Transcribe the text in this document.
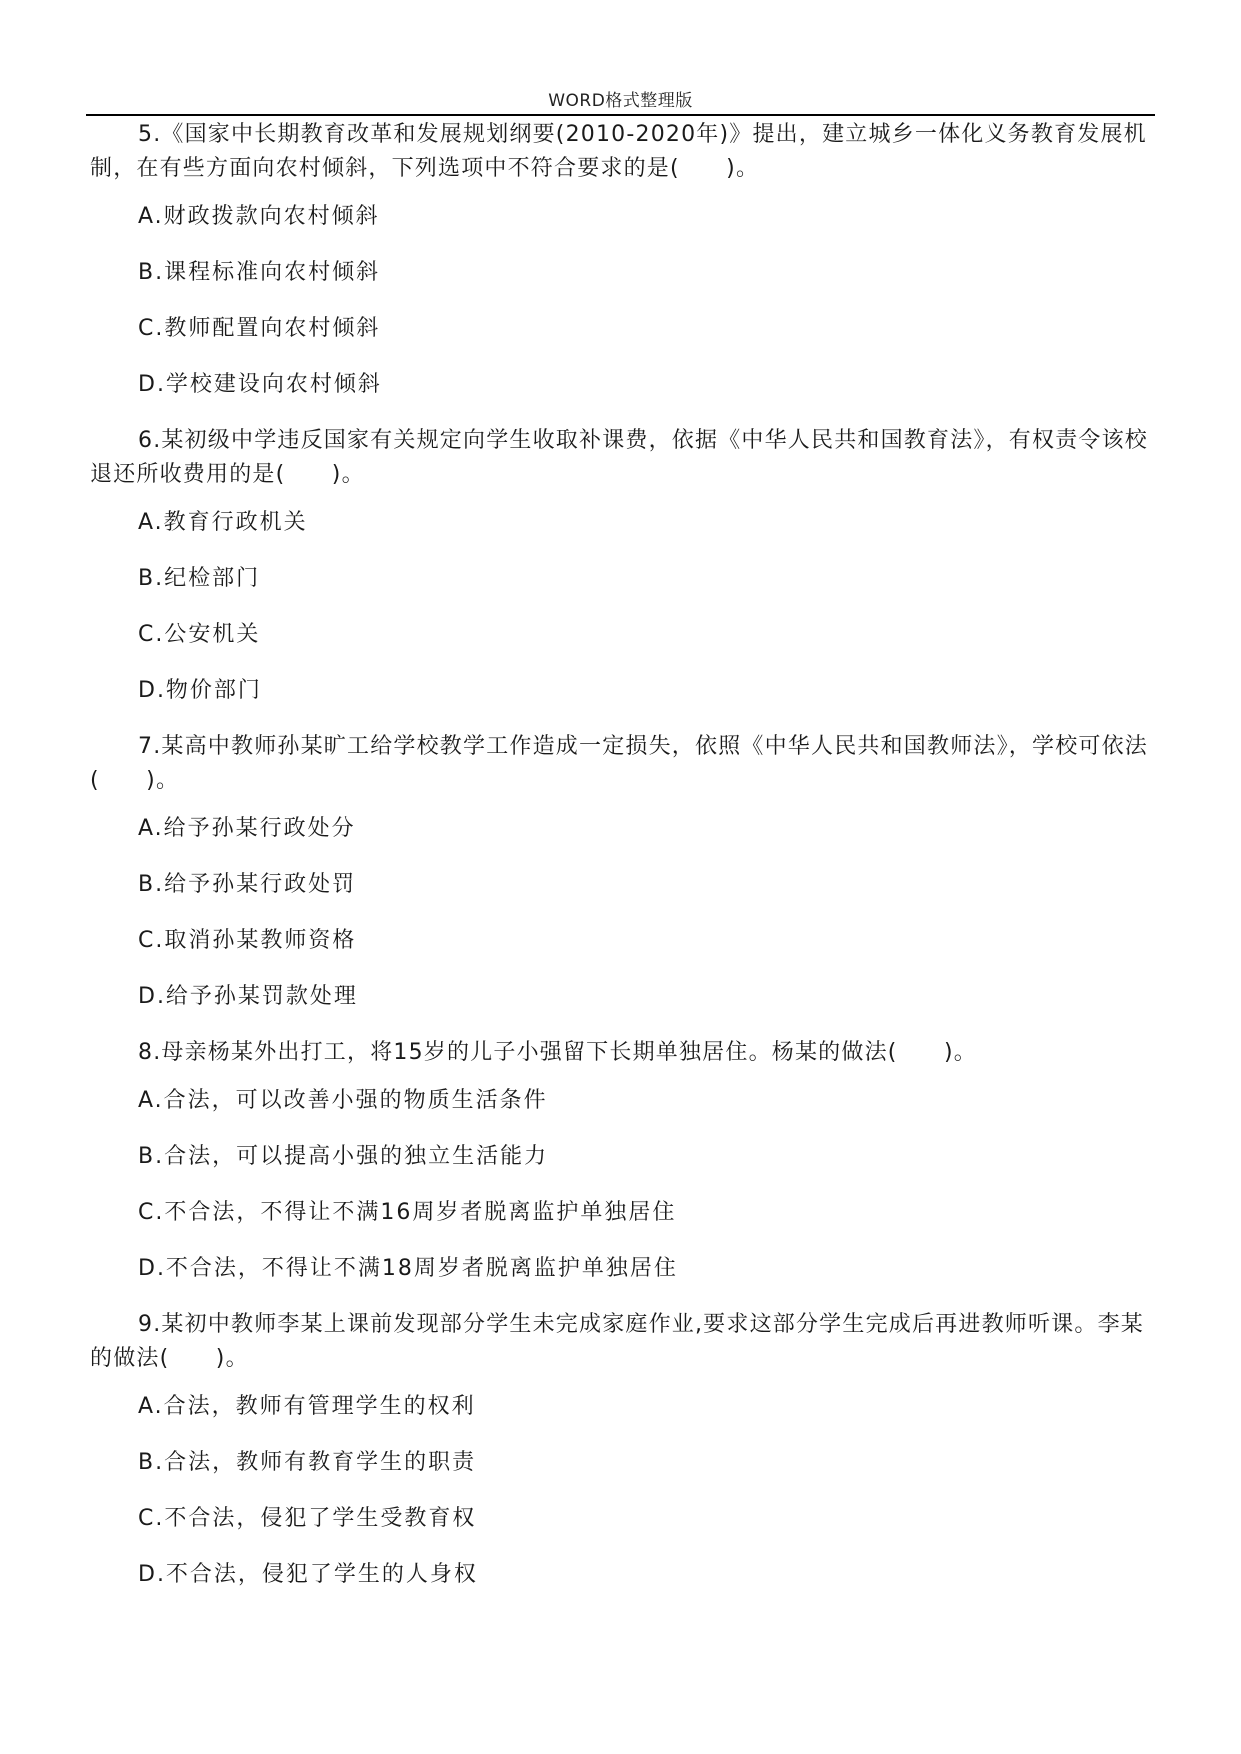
WORD格式整理版

5.《国家中长期教育改革和发展规划纲要(2010-2020年)》提出，建立城乡一体化义务教育发展机制，在有些方面向农村倾斜，下列选项中不符合要求的是(　　)。

A.财政拨款向农村倾斜

B.课程标准向农村倾斜

C.教师配置向农村倾斜

D.学校建设向农村倾斜

6.某初级中学违反国家有关规定向学生收取补课费，依据《中华人民共和国教育法》，有权责令该校退还所收费用的是(　　)。

A.教育行政机关

B.纪检部门

C.公安机关

D.物价部门

7.某高中教师孙某旷工给学校教学工作造成一定损失，依照《中华人民共和国教师法》，学校可依法(　　)。

A.给予孙某行政处分

B.给予孙某行政处罚

C.取消孙某教师资格

D.给予孙某罚款处理

8.母亲杨某外出打工，将15岁的儿子小强留下长期单独居住。杨某的做法(　　)。

A.合法，可以改善小强的物质生活条件

B.合法，可以提高小强的独立生活能力

C.不合法，不得让不满16周岁者脱离监护单独居住

D.不合法，不得让不满18周岁者脱离监护单独居住

9.某初中教师李某上课前发现部分学生未完成家庭作业,要求这部分学生完成后再进教师听课。李某的做法(　　)。

A.合法，教师有管理学生的权利

B.合法，教师有教育学生的职责

C.不合法，侵犯了学生受教育权

D.不合法，侵犯了学生的人身权
